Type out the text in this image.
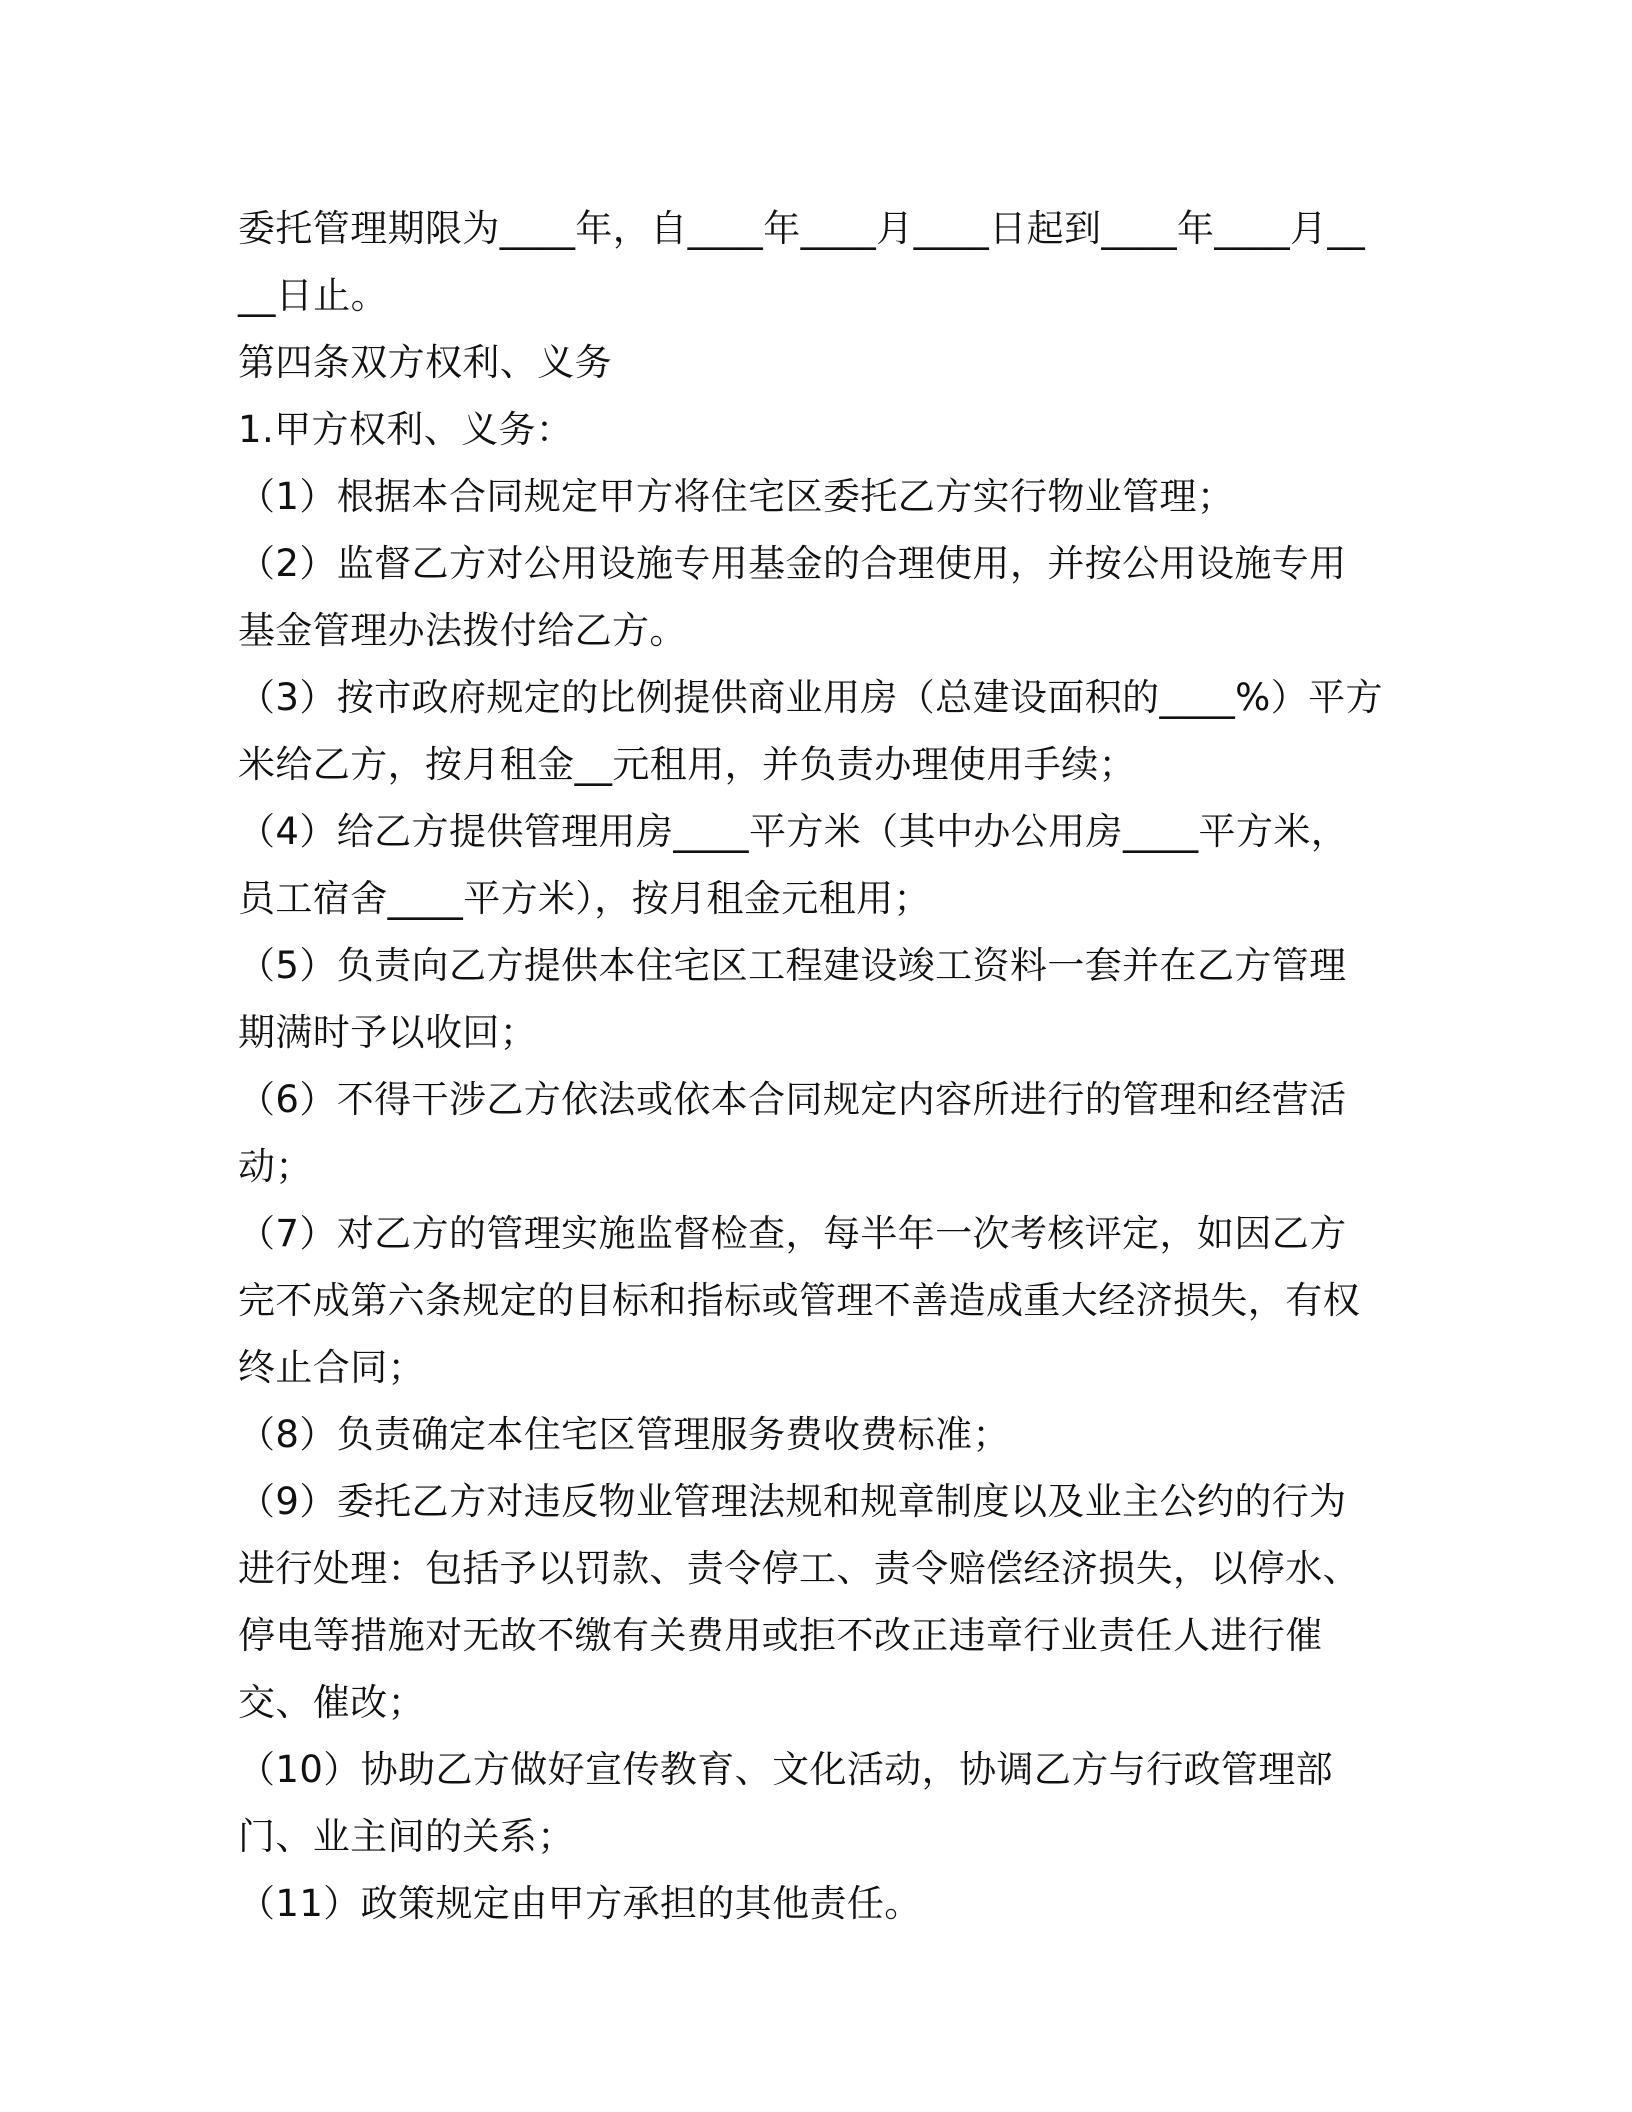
委托管理期限为____年，自____年____月____日起到____年____月____日止。

第四条双方权利、义务

1.甲方权利、义务：

（1）根据本合同规定甲方将住宅区委托乙方实行物业管理；

（2）监督乙方对公用设施专用基金的合理使用，并按公用设施专用基金管理办法拨付给乙方。

（3）按市政府规定的比例提供商业用房（总建设面积的____%）平方米给乙方，按月租金__元租用，并负责办理使用手续；

（4）给乙方提供管理用房____平方米（其中办公用房____平方米，员工宿舍____平方米），按月租金元租用；

（5）负责向乙方提供本住宅区工程建设竣工资料一套并在乙方管理期满时予以收回；

（6）不得干涉乙方依法或依本合同规定内容所进行的管理和经营活动；

（7）对乙方的管理实施监督检查，每半年一次考核评定，如因乙方完不成第六条规定的目标和指标或管理不善造成重大经济损失，有权终止合同；

（8）负责确定本住宅区管理服务费收费标准；

（9）委托乙方对违反物业管理法规和规章制度以及业主公约的行为进行处理：包括予以罚款、责令停工、责令赔偿经济损失，以停水、停电等措施对无故不缴有关费用或拒不改正违章行业责任人进行催交、催改；

（10）协助乙方做好宣传教育、文化活动，协调乙方与行政管理部门、业主间的关系；

（11）政策规定由甲方承担的其他责任。
